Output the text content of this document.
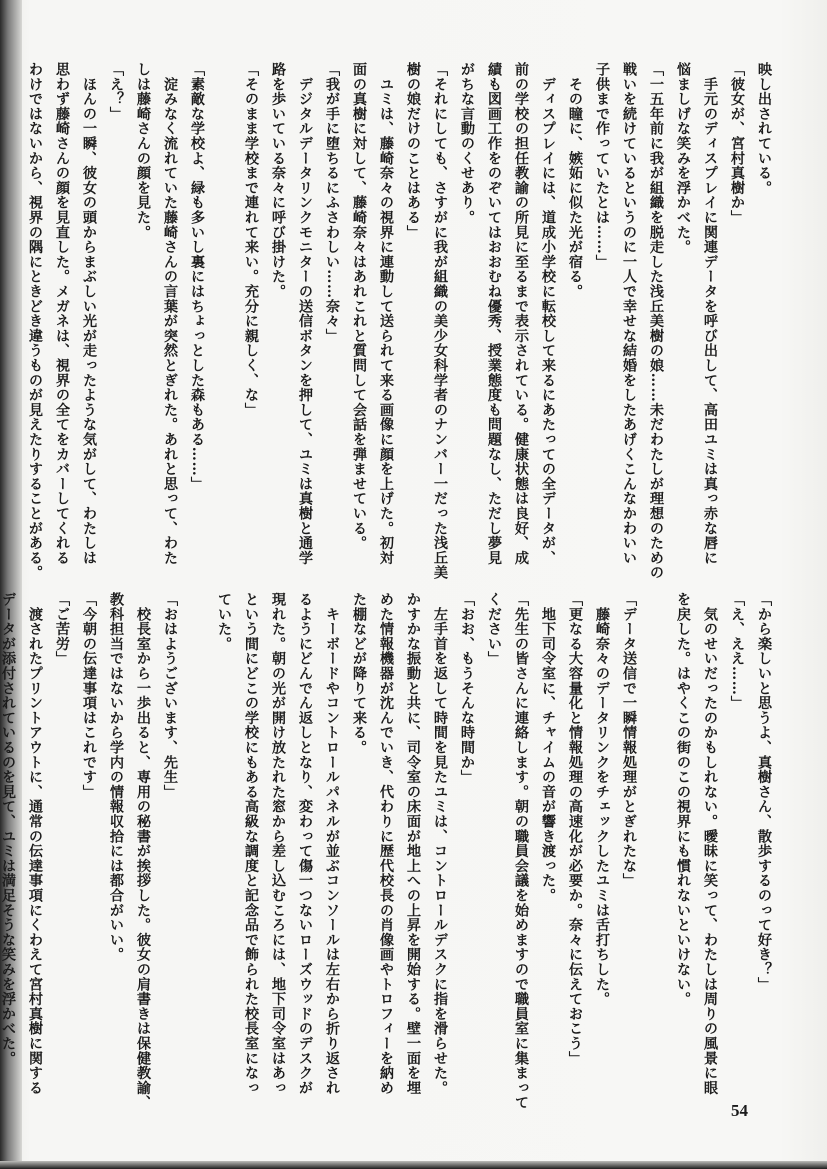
映し出されている。
「彼女が、宮村真樹か」
　手元のディスプレイに関連データを呼び出して、高田ユミは真っ赤な唇に
悩ましげな笑みを浮かべた。
「一五年前に我が組織を脱走した浅丘美樹の娘……未だわたしが理想のための
戦いを続けているというのに一人で幸せな結婚をしたあげくこんなかわいい
子供まで作っていたとは……」
　その瞳に、嫉妬に似た光が宿る。
　ディスプレイには、道成小学校に転校して来るにあたっての全データが、
前の学校の担任教諭の所見に至るまで表示されている。健康状態は良好、成
績も図画工作をのぞいてはおおむね優秀、授業態度も問題なし、ただし夢見
がちな言動のくせあり。
「それにしても、さすがに我が組織の美少女科学者のナンバー一だった浅丘美
樹の娘だけのことはある」
　ユミは、藤崎奈々の視界に連動して送られて来る画像に顔を上げた。初対
面の真樹に対して、藤崎奈々はあれこれと質問して会話を弾ませている。
「我が手に堕ちるにふさわしい……奈々」
　デジタルデータリンクモニターの送信ボタンを押して、ユミは真樹と通学
路を歩いている奈々に呼び掛けた。
「そのまま学校まで連れて来い。充分に親しく、な」

「素敵な学校よ、緑も多いし裏にはちょっとした森もある……」
　淀みなく流れていた藤崎さんの言葉が突然とぎれた。あれと思って、わた
しは藤崎さんの顔を見た。
「え？」
　ほんの一瞬、彼女の頭からまぶしい光が走ったような気がして、わたしは
思わず藤崎さんの顔を見直した。メガネは、視界の全てをカバーしてくれる
わけではないから、視界の隅にときどき違うものが見えたりすることがある。
「から楽しいと思うよ、真樹さん、散歩するのって好き？」
「え、ええ……」
　気のせいだったのかもしれない。曖昧に笑って、わたしは周りの風景に眼
を戻した。はやくこの街のこの視界にも慣れないといけない。

「データ送信で一瞬情報処理がとぎれたな」
　藤崎奈々のデータリンクをチェックしたユミは舌打ちした。
「更なる大容量化と情報処理の高速化が必要か。奈々に伝えておこう」
　地下司令室に、チャイムの音が響き渡った。
「先生の皆さんに連絡します。朝の職員会議を始めますので職員室に集まって
ください」
「おお、もうそんな時間か」
　左手首を返して時間を見たユミは、コントロールデスクに指を滑らせた。
かすかな振動と共に、司令室の床面が地上への上昇を開始する。壁一面を埋
めた情報機器が沈んでいき、代わりに歴代校長の肖像画やトロフィーを納め
た棚などが降りて来る。
　キーボードやコントロールパネルが並ぶコンソールは左右から折り返され
るようにどんでん返しとなり、変わって傷一つないローズウッドのデスクが
現れた。朝の光が開け放たれた窓から差し込むころには、地下司令室はあっ
という間にどこの学校にもある高級な調度と記念品で飾られた校長室になっ
ていた。

「おはようございます、先生」
　校長室から一歩出ると、専用の秘書が挨拶した。彼女の肩書きは保健教諭、
教科担当ではないから学内の情報収拾には都合がいい。
「今朝の伝達事項はこれです」
「ご苦労」
　渡されたプリントアウトに、通常の伝達事項にくわえて宮村真樹に関する
データが添付されているのを見て、ユミは満足そうな笑みを浮かべた。
54
